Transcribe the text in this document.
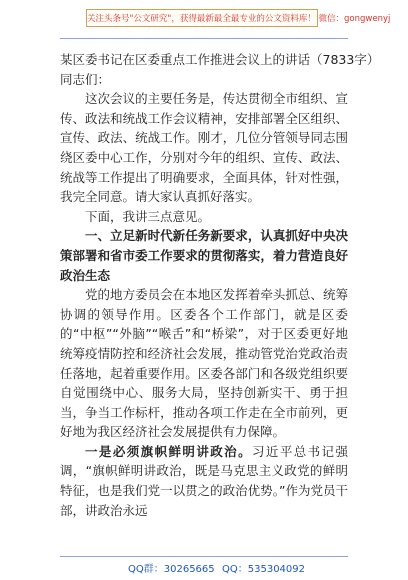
关注头条号"公文研究"，获得最新最全最专业的公文资料库！ 微信：gongwenyj

某区委书记在区委重点工作推进会议上的讲话（7833字）

同志们：

这次会议的主要任务是，传达贯彻全市组织、宣传、政法和统战工作会议精神，安排部署全区组织、宣传、政法、统战工作。刚才，几位分管领导同志围绕区委中心工作，分别对今年的组织、宣传、政法、统战等工作提出了明确要求，全面具体，针对性强，我完全同意。请大家认真抓好落实。

下面，我讲三点意见。

一、立足新时代新任务新要求，认真抓好中央决策部署和省市委工作要求的贯彻落实，着力营造良好政治生态

党的地方委员会在本地区发挥着牵头抓总、统筹协调的领导作用。区委各个工作部门，就是区委的“中枢”“外脑”“喉舌”和“桥梁”，对于区委更好地统筹疫情防控和经济社会发展，推动管党治党政治责任落地，起着重要作用。区委各部门和各级党组织要自觉围绕中心、服务大局，坚持创新实干、勇于担当，争当工作标杆，推动各项工作走在全市前列，更好地为我区经济社会发展提供有力保障。

一是必须旗帜鲜明讲政治。习近平总书记强调，“旗帜鲜明讲政治，既是马克思主义政党的鲜明特征，也是我们党一以贯之的政治优势。”作为党员干部，讲政治永远

QQ群：30265665 QQ：535304092
